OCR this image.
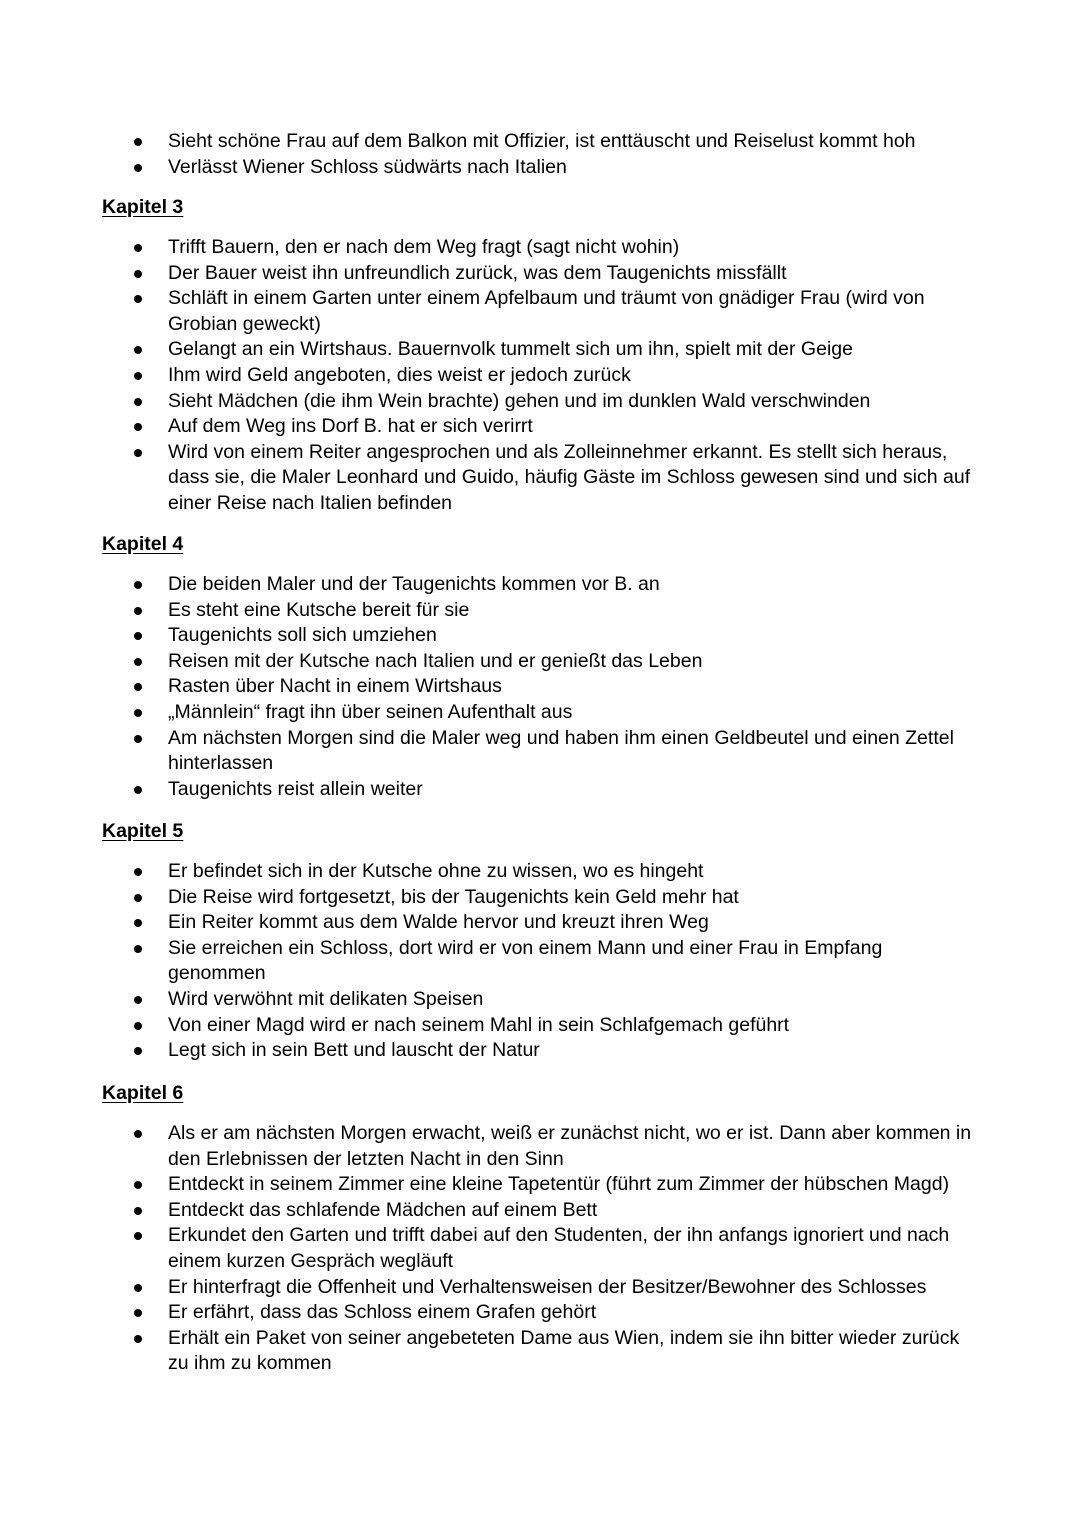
Sieht schöne Frau auf dem Balkon mit Offizier, ist enttäuscht und Reiselust kommt hoh
Verlässt Wiener Schloss südwärts nach Italien
Kapitel 3
Trifft Bauern, den er nach dem Weg fragt (sagt nicht wohin)
Der Bauer weist ihn unfreundlich zurück, was dem Taugenichts missfällt
Schläft in einem Garten unter einem Apfelbaum und träumt von gnädiger Frau (wird von Grobian geweckt)
Gelangt an ein Wirtshaus. Bauernvolk tummelt sich um ihn, spielt mit der Geige
Ihm wird Geld angeboten, dies weist er jedoch zurück
Sieht Mädchen (die ihm Wein brachte) gehen und im dunklen Wald verschwinden
Auf dem Weg ins Dorf B. hat er sich verirrt
Wird von einem Reiter angesprochen und als Zolleinnehmer erkannt. Es stellt sich heraus, dass sie, die Maler Leonhard und Guido, häufig Gäste im Schloss gewesen sind und sich auf einer Reise nach Italien befinden
Kapitel 4
Die beiden Maler und der Taugenichts kommen vor B. an
Es steht eine Kutsche bereit für sie
Taugenichts soll sich umziehen
Reisen mit der Kutsche nach Italien und er genießt das Leben
Rasten über Nacht in einem Wirtshaus
„Männlein“ fragt ihn über seinen Aufenthalt aus
Am nächsten Morgen sind die Maler weg und haben ihm einen Geldbeutel und einen Zettel hinterlassen
Taugenichts reist allein weiter
Kapitel 5
Er befindet sich in der Kutsche ohne zu wissen, wo es hingeht
Die Reise wird fortgesetzt, bis der Taugenichts kein Geld mehr hat
Ein Reiter kommt aus dem Walde hervor und kreuzt ihren Weg
Sie erreichen ein Schloss, dort wird er von einem Mann und einer Frau in Empfang genommen
Wird verwöhnt mit delikaten Speisen
Von einer Magd wird er nach seinem Mahl in sein Schlafgemach geführt
Legt sich in sein Bett und lauscht der Natur
Kapitel 6
Als er am nächsten Morgen erwacht, weiß er zunächst nicht, wo er ist. Dann aber kommen in den Erlebnissen der letzten Nacht in den Sinn
Entdeckt in seinem Zimmer eine kleine Tapetentür (führt zum Zimmer der hübschen Magd)
Entdeckt das schlafende Mädchen auf einem Bett
Erkundet den Garten und trifft dabei auf den Studenten, der ihn anfangs ignoriert und nach einem kurzen Gespräch wegläuft
Er hinterfragt die Offenheit und Verhaltensweisen der Besitzer/Bewohner des Schlosses
Er erfährt, dass das Schloss einem Grafen gehört
Erhält ein Paket von seiner angebeteten Dame aus Wien, indem sie ihn bitter wieder zurück zu ihm zu kommen
